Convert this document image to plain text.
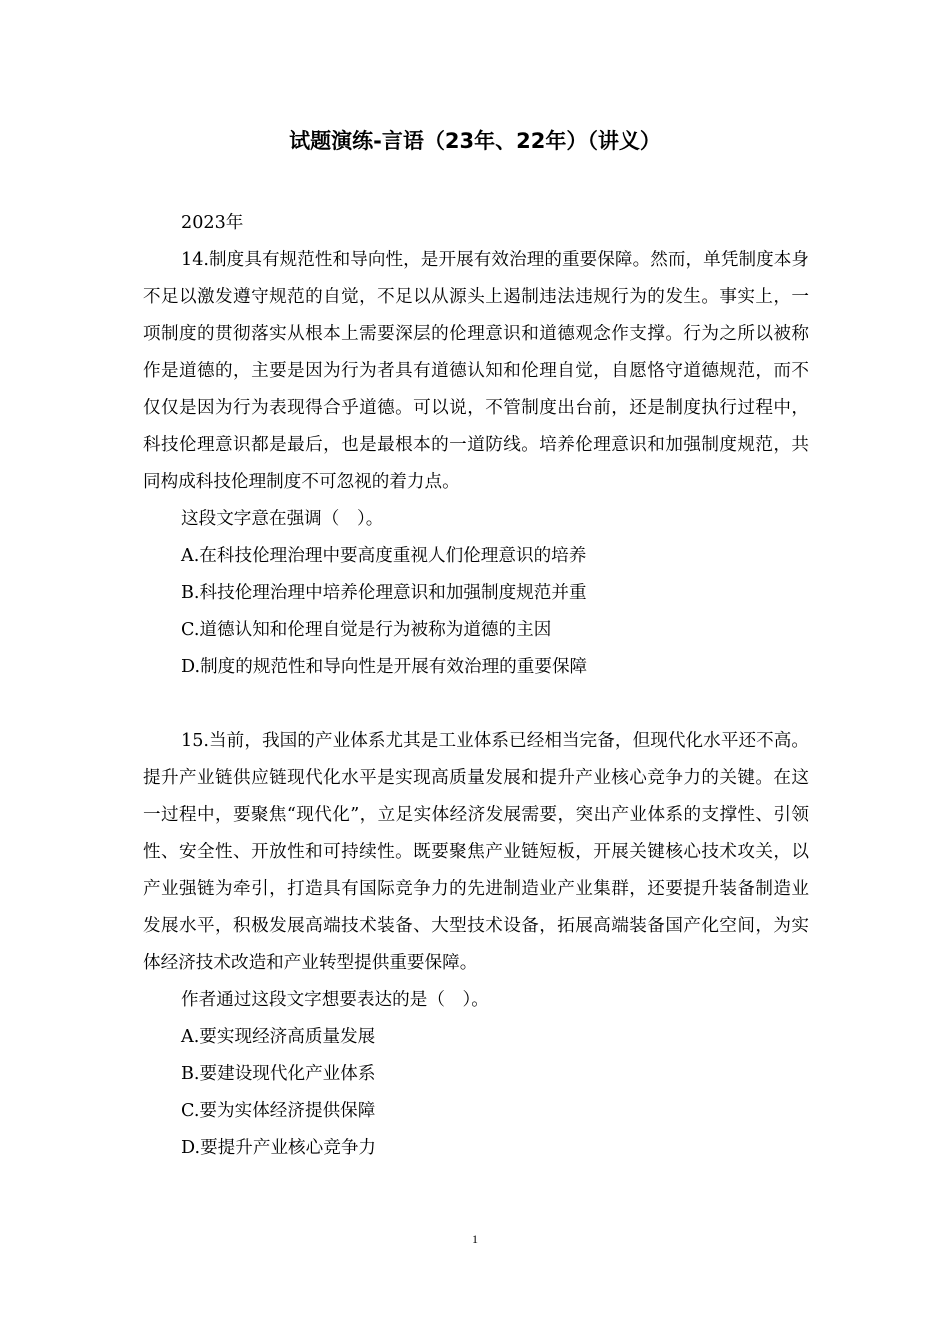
试题演练-言语（23年、22年）（讲义）

2023年

14.制度具有规范性和导向性，是开展有效治理的重要保障。然而，单凭制度本身不足以激发遵守规范的自觉，不足以从源头上遏制违法违规行为的发生。事实上，一项制度的贯彻落实从根本上需要深层的伦理意识和道德观念作支撑。行为之所以被称作是道德的，主要是因为行为者具有道德认知和伦理自觉，自愿恪守道德规范，而不仅仅是因为行为表现得合乎道德。可以说，不管制度出台前，还是制度执行过程中，科技伦理意识都是最后，也是最根本的一道防线。培养伦理意识和加强制度规范，共同构成科技伦理制度不可忽视的着力点。

这段文字意在强调（　）。

A.在科技伦理治理中要高度重视人们伦理意识的培养

B.科技伦理治理中培养伦理意识和加强制度规范并重

C.道德认知和伦理自觉是行为被称为道德的主因

D.制度的规范性和导向性是开展有效治理的重要保障

15.当前，我国的产业体系尤其是工业体系已经相当完备，但现代化水平还不高。提升产业链供应链现代化水平是实现高质量发展和提升产业核心竞争力的关键。在这一过程中，要聚焦“现代化”，立足实体经济发展需要，突出产业体系的支撑性、引领性、安全性、开放性和可持续性。既要聚焦产业链短板，开展关键核心技术攻关，以产业强链为牵引，打造具有国际竞争力的先进制造业产业集群，还要提升装备制造业发展水平，积极发展高端技术装备、大型技术设备，拓展高端装备国产化空间，为实体经济技术改造和产业转型提供重要保障。

作者通过这段文字想要表达的是（　）。

A.要实现经济高质量发展

B.要建设现代化产业体系

C.要为实体经济提供保障

D.要提升产业核心竞争力

1
